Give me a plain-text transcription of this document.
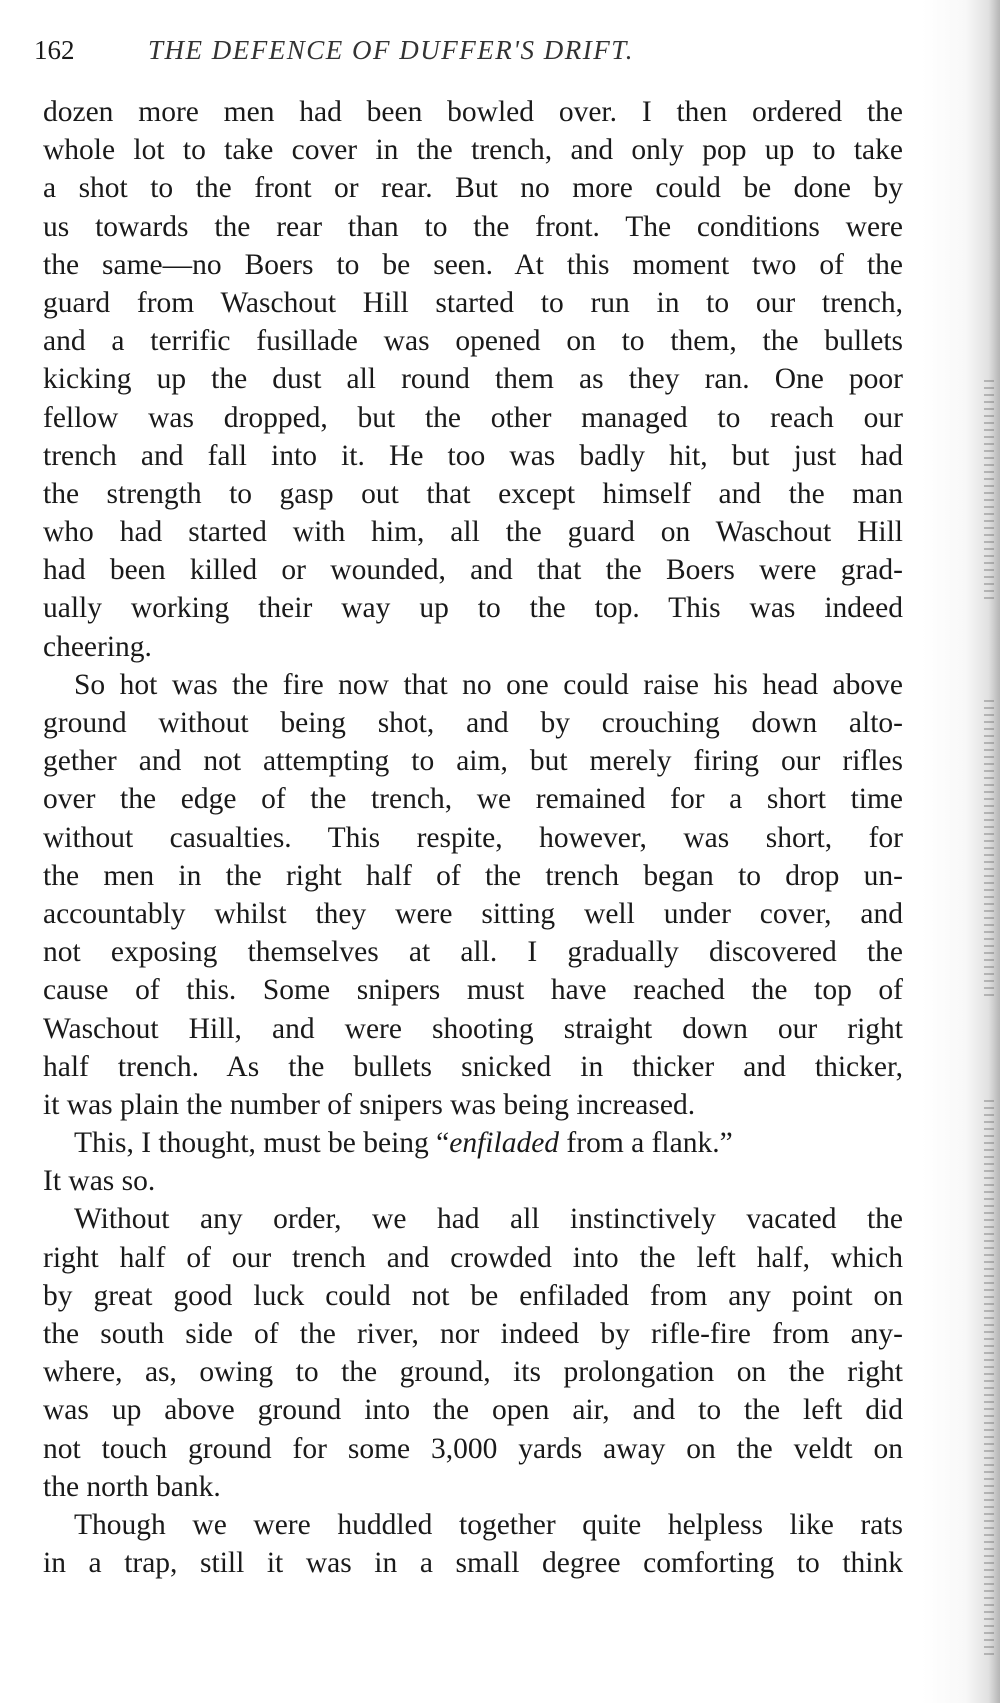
162	THE DEFENCE OF DUFFER'S DRIFT.
dozen more men had been bowled over. I then ordered the
whole lot to take cover in the trench, and only pop up to take
a shot to the front or rear. But no more could be done by
us towards the rear than to the front. The conditions were
the same—no Boers to be seen. At this moment two of the
guard from Waschout Hill started to run in to our trench,
and a terrific fusillade was opened on to them, the bullets
kicking up the dust all round them as they ran. One poor
fellow was dropped, but the other managed to reach our
trench and fall into it. He too was badly hit, but just had
the strength to gasp out that except himself and the man
who had started with him, all the guard on Waschout Hill
had been killed or wounded, and that the Boers were grad-
ually working their way up to the top. This was indeed
cheering.
So hot was the fire now that no one could raise his head above
ground without being shot, and by crouching down alto-
gether and not attempting to aim, but merely firing our rifles
over the edge of the trench, we remained for a short time
without casualties. This respite, however, was short, for
the men in the right half of the trench began to drop un-
accountably whilst they were sitting well under cover, and
not exposing themselves at all. I gradually discovered the
cause of this. Some snipers must have reached the top of
Waschout Hill, and were shooting straight down our right
half trench. As the bullets snicked in thicker and thicker,
it was plain the number of snipers was being increased.
This, I thought, must be being “enfiladed from a flank.”
It was so.
Without any order, we had all instinctively vacated the
right half of our trench and crowded into the left half, which
by great good luck could not be enfiladed from any point on
the south side of the river, nor indeed by rifle-fire from any-
where, as, owing to the ground, its prolongation on the right
was up above ground into the open air, and to the left did
not touch ground for some 3,000 yards away on the veldt on
the north bank.
Though we were huddled together quite helpless like rats
in a trap, still it was in a small degree comforting to think
